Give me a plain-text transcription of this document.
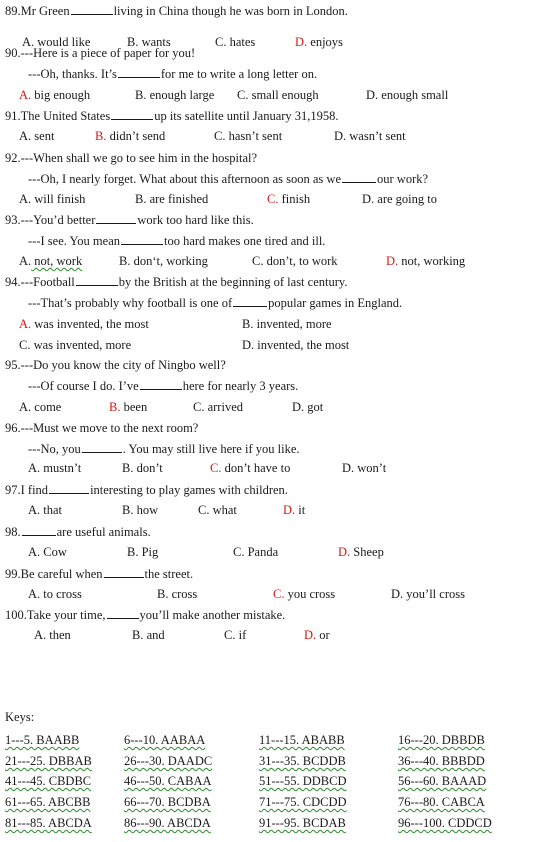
89.Mr Green	living in China though he was born in London.
A. would like	B. wants	C. hates	D. enjoys
90.---Here is a piece of paper for you!
---Oh, thanks. It’s	for me to write a long letter on.
A. big enough	B. enough large C. small enough	D. enough small
91.The United States	up its satellite until January 31,1958.
A. sent	B. didn’t send	C. hasn’t sent	D. wasn’t sent
92.---When shall we go to see him in the hospital?
---Oh, I nearly forget. What about this afternoon as soon as we	our work?
A. will finish	B. are finished	C. finish	D. are going to
93.---You’d better	work too hard like this.
---I see. You mean	too hard makes one tired and ill.
A. not, work	B. don‘t, working	C. don’t, to work	D. not, working
94.---Football	by the British at the beginning of last century.
---That’s probably why football is one of	popular games in England.
A. was invented, the most	B. invented, more
C. was invented, more	D. invented, the most
95.---Do you know the city of Ningbo well?
---Of course I do. I’ve	here for nearly 3 years.
A. come	B. been	C. arrived	D. got
96.---Must we move to the next room?
---No, you	. You may still live here if you like.
A. mustn’t	B. don’t	C. don’t have to	D. won’t
97.I find	interesting to play games with children.
A. that	B. how	C. what	D. it
98.	are useful animals.
A. Cow	B. Pig	C. Panda	D. Sheep
99.Be careful when	the street.
A. to cross	B. cross	C. you cross	D. you’ll cross
100.Take your time,	you’ll make another mistake.
A. then	B. and	C. if	D. or
Keys:
1---5. BAABB	6---10. AABAA	11---15. ABABB	16---20. DBBDB
21---25. DBBAB	26---30. DAADC	31---35. BCDDB	36---40. BBBDD
41---45. CBDBC	46---50. CABAA	51---55. DDBCD	56---60. BAAAD
61---65. ABCBB	66---70. BCDBA	71---75. CDCDD	76---80. CABCA
81---85. ABCDA	86---90. ABCDA	91---95. BCDAB	96---100. CDDCD
